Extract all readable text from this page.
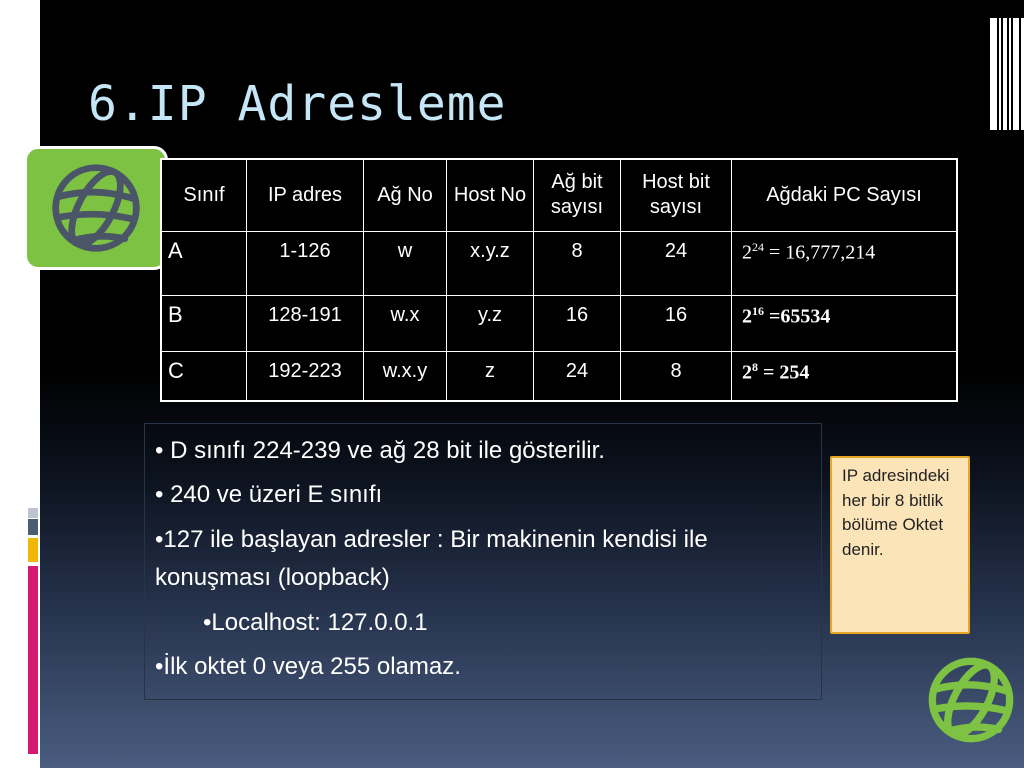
6.IP Adresleme
Sınıf	IP adres	Ağ No	Host No	Ağ bit sayısı	Host bit sayısı	Ağdaki PC Sayısı
A	1-126	w	x.y.z	8	24	$2^{24} = 16,777,214$
B	128-191	w.x	y.z	16	16	$2^{16} =65534$
C	192-223	w.x.y	z	24	8	$2^8 = 254$

• D sınıfı 224-239 ve ağ 28 bit ile gösterilir.

• 240 ve üzeri E sınıfı

•127 ile başlayan adresler : Bir makinenin kendisi ile konuşması (loopback)

•Localhost: 127.0.0.1

•İlk oktet 0 veya 255 olamaz.

IP adresindeki her bir 8 bitlik bölüme Oktet denir.
